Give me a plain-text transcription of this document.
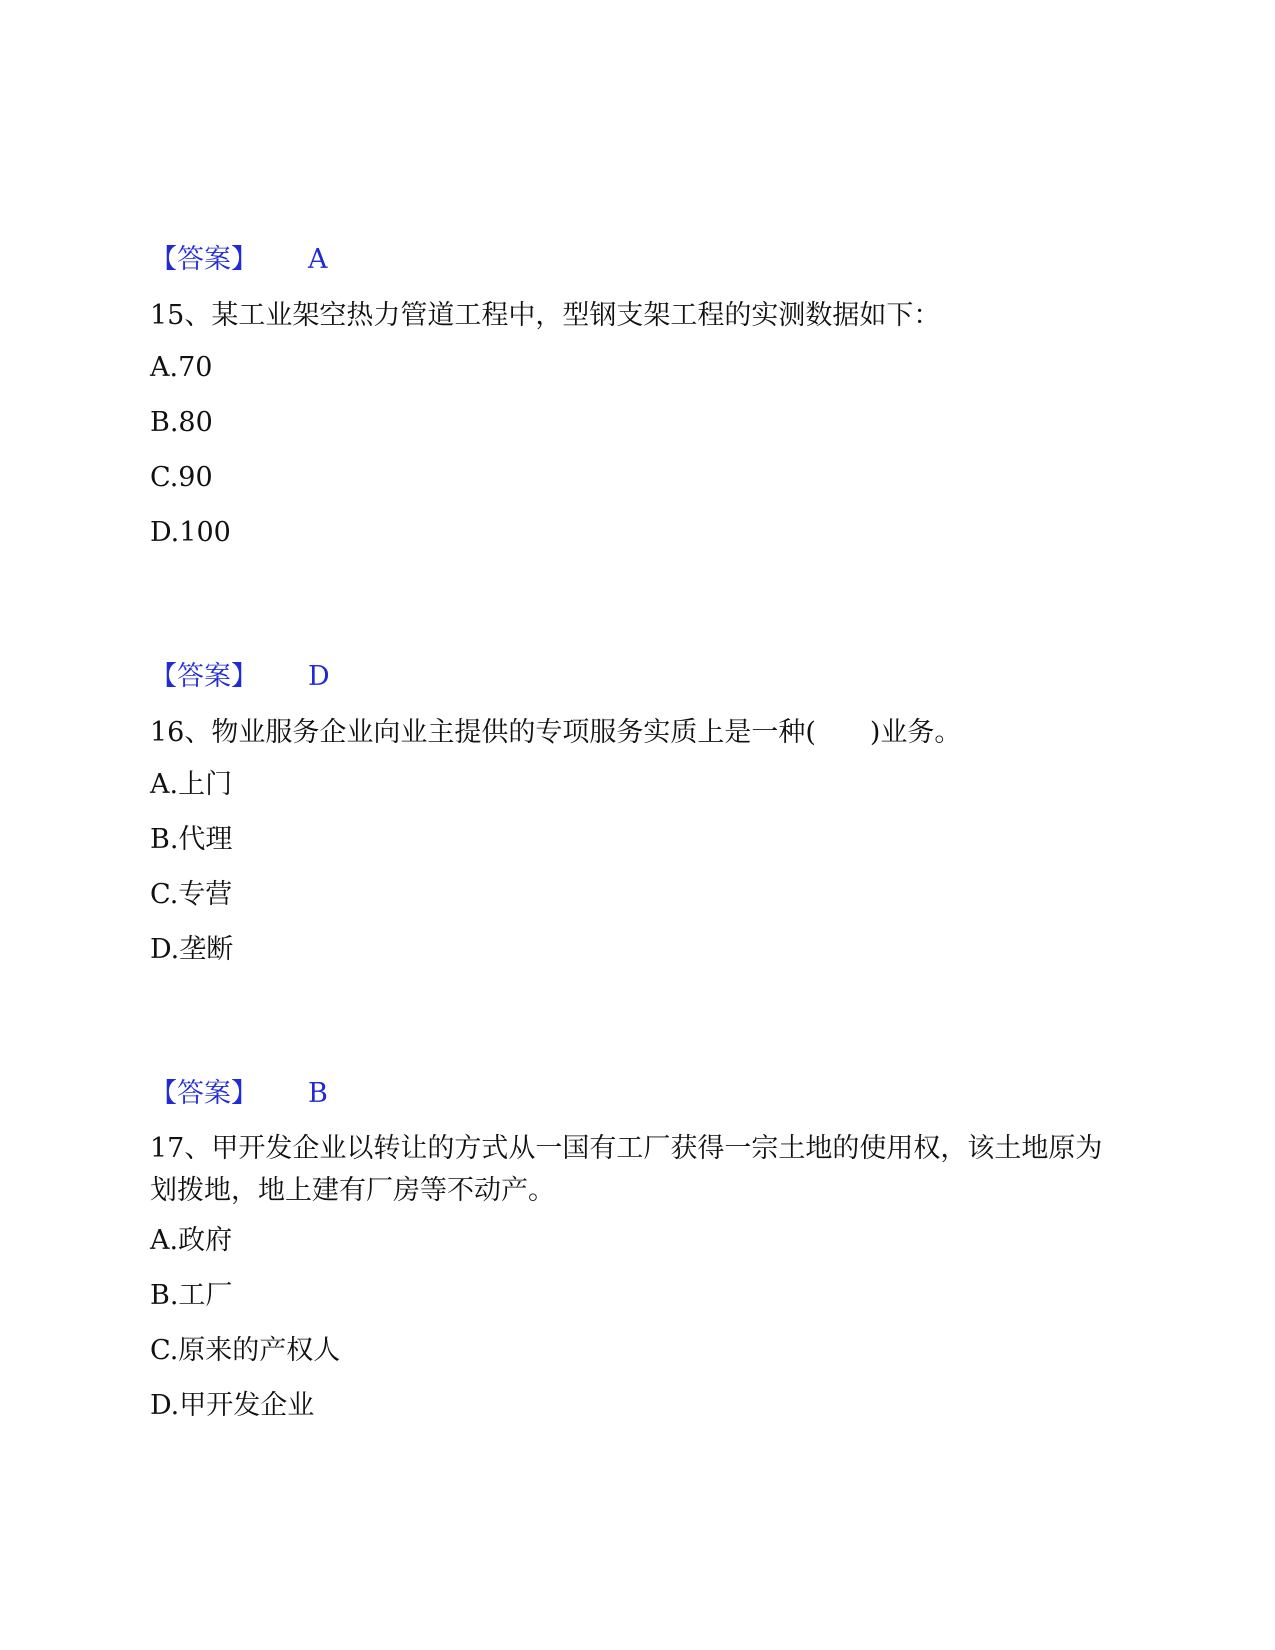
【答案】 A
15、某工业架空热力管道工程中，型钢支架工程的实测数据如下：
A.70
B.80
C.90
D.100
【答案】 D
16、物业服务企业向业主提供的专项服务实质上是一种(　　)业务。
A.上门
B.代理
C.专营
D.垄断
【答案】 B
17、甲开发企业以转让的方式从一国有工厂获得一宗土地的使用权，该土地原为划拨地，地上建有厂房等不动产。
A.政府
B.工厂
C.原来的产权人
D.甲开发企业
